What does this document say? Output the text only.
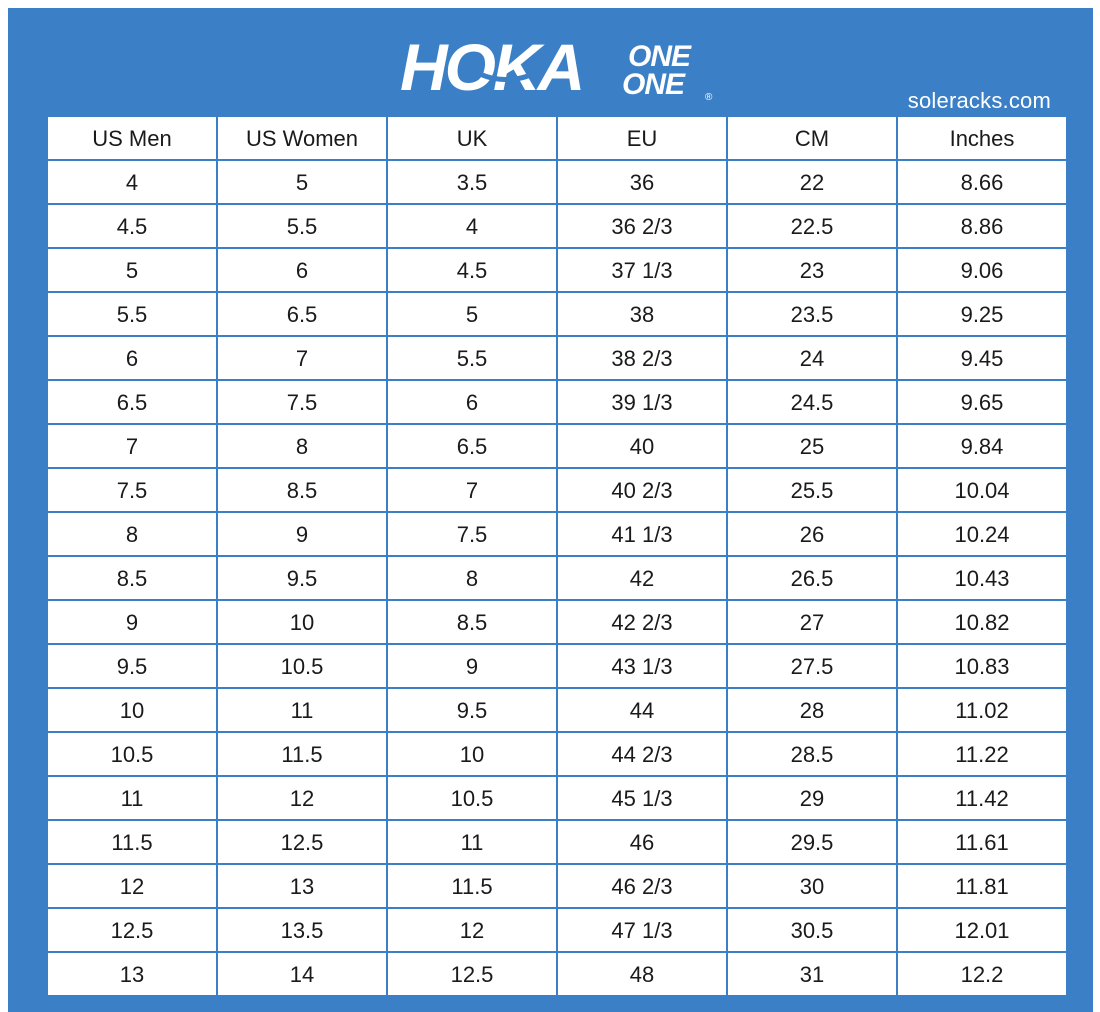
HOKA ONE
ONE ®	soleracks.com
US Men	US Women	UK	EU	CM	Inches
4	5	3.5	36	22	8.66
4.5	5.5	4	36 2/3	22.5	8.86
5	6	4.5	37 1/3	23	9.06
5.5	6.5	5	38	23.5	9.25
6	7	5.5	38 2/3	24	9.45
6.5	7.5	6	39 1/3	24.5	9.65
7	8	6.5	40	25	9.84
7.5	8.5	7	40 2/3	25.5	10.04
8	9	7.5	41 1/3	26	10.24
8.5	9.5	8	42	26.5	10.43
9	10	8.5	42 2/3	27	10.82
9.5	10.5	9	43 1/3	27.5	10.83
10	11	9.5	44	28	11.02
10.5	11.5	10	44 2/3	28.5	11.22
11	12	10.5	45 1/3	29	11.42
11.5	12.5	11	46	29.5	11.61
12	13	11.5	46 2/3	30	11.81
12.5	13.5	12	47 1/3	30.5	12.01
13	14	12.5	48	31	12.2
